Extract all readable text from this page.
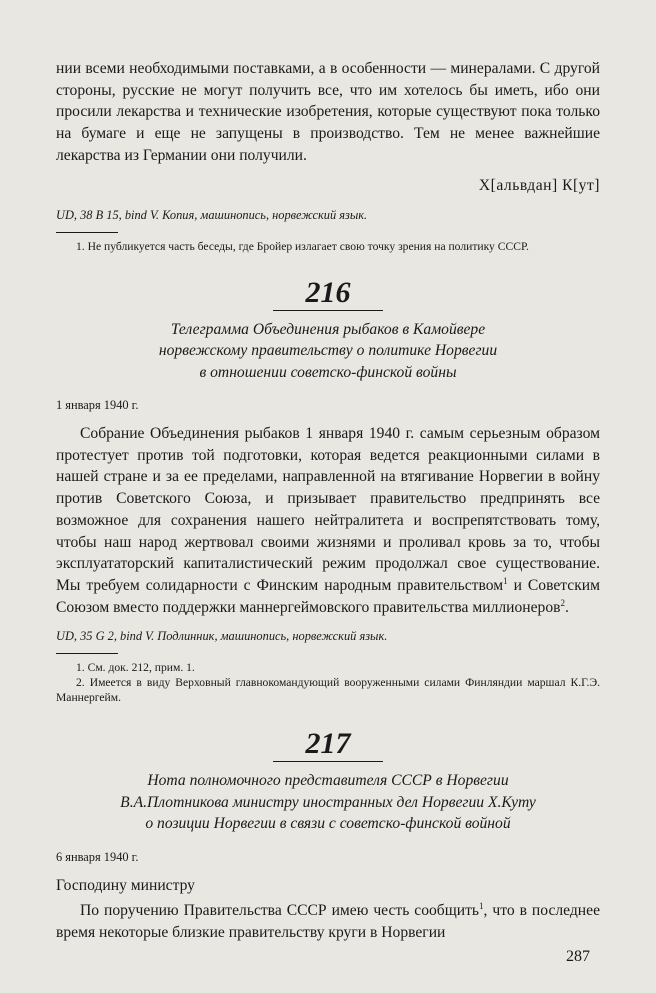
нии всеми необходимыми поставками, а в особенности — минералами. С другой стороны, русские не могут получить все, что им хотелось бы иметь, ибо они просили лекарства и технические изобретения, которые существуют пока только на бумаге и еще не запущены в производство. Тем не менее важнейшие лекарства из Германии они получили.

Х[альвдан] К[ут]

UD, 38 B 15, bind V. Копия, машинопись, норвежский язык.

1. Не публикуется часть беседы, где Бройер излагает свою точку зрения на политику СССР.

216

Телеграмма Объединения рыбаков в Камойвере

норвежскому правительству о политике Норвегии

в отношении советско-финской войны

1 января 1940 г.

Собрание Объединения рыбаков 1 января 1940 г. самым серьезным образом протестует против той подготовки, которая ведется реакционными силами в нашей стране и за ее пределами, направленной на втягивание Норвегии в войну против Советского Союза, и призывает правительство предпринять все возможное для сохранения нашего нейтралитета и воспрепятствовать тому, чтобы наш народ жертвовал своими жизнями и проливал кровь за то, чтобы эксплуататорский капиталистический режим продолжал свое существование. Мы требуем солидарности с Финским народным правительством$^1$ и Советским Союзом вместо поддержки маннергеймовского правительства миллионеров$^2$.

UD, 35 G 2, bind V. Подлинник, машинопись, норвежский язык.

1. См. док. 212, прим. 1.

2. Имеется в виду Верховный главнокомандующий вооруженными силами Финляндии маршал К.Г.Э. Маннергейм.

217

Нота полномочного представителя СССР в Норвегии

В.А.Плотникова министру иностранных дел Норвегии Х.Куту

о позиции Норвегии в связи с советско-финской войной

6 января 1940 г.

Господину министру

По поручению Правительства СССР имею честь сообщить$^1$, что в последнее время некоторые близкие правительству круги в Норвегии

287
